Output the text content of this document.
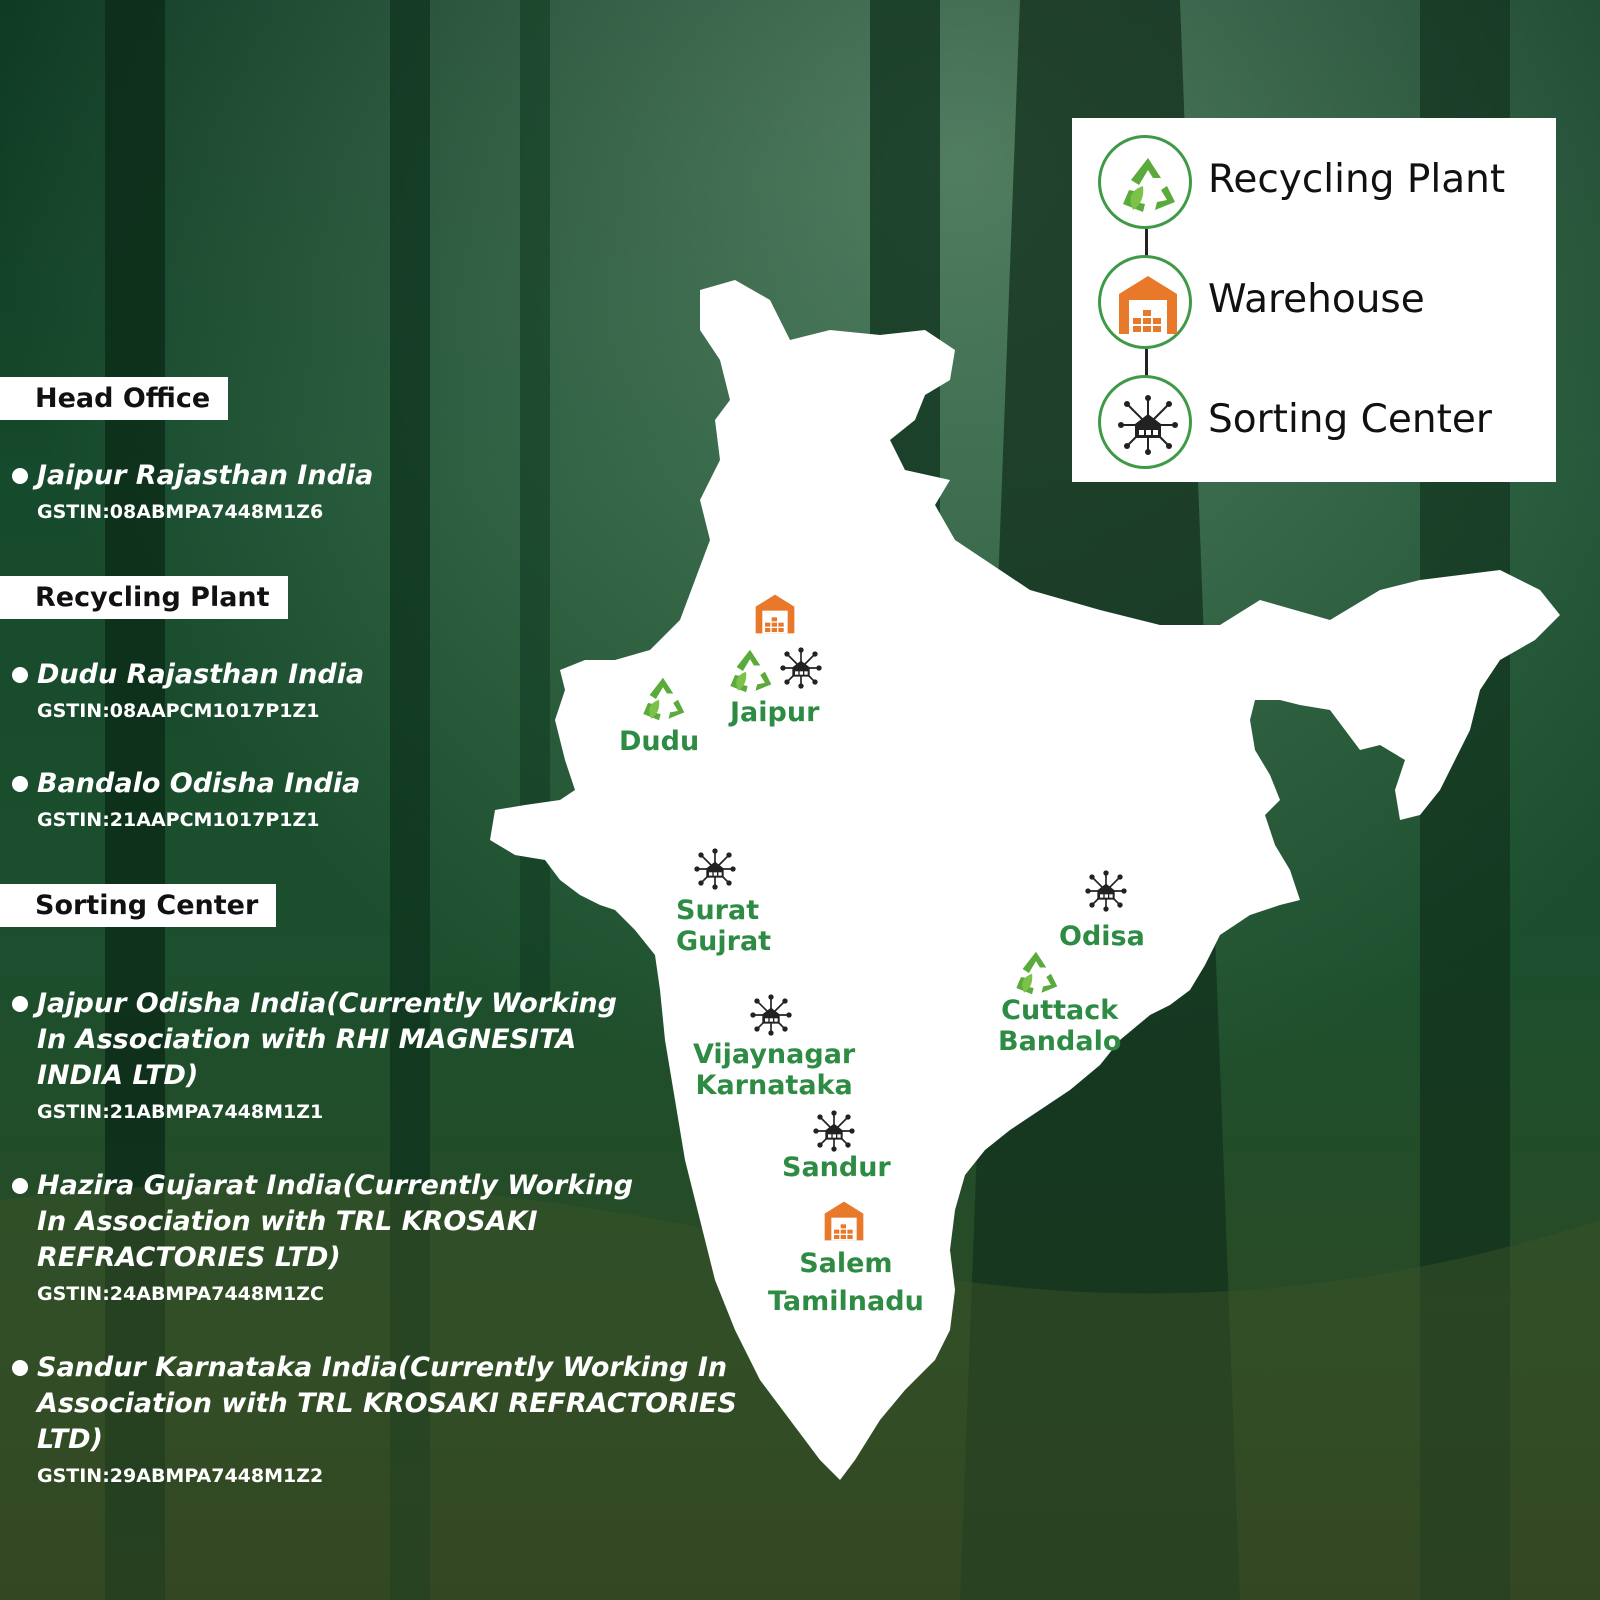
Recycling Plant
Warehouse
Sorting Center
Jaipur
Dudu
Surat
Gujrat	Odisa
Cuttack
Bandalo
Vijaynagar
Karnataka
Sandur
Salem
Tamilnadu
Head Office
Jaipur Rajasthan India
GSTIN:08ABMPA7448M1Z6
Recycling Plant
Dudu Rajasthan India
GSTIN:08AAPCM1017P1Z1
Bandalo Odisha India
GSTIN:21AAPCM1017P1Z1
Sorting Center
Jajpur Odisha India(Currently Working In Association with RHI MAGNESITA INDIA LTD)
GSTIN:21ABMPA7448M1Z1
Hazira Gujarat India(Currently Working In Association with TRL KROSAKI REFRACTORIES LTD)
GSTIN:24ABMPA7448M1ZC
Sandur Karnataka India(Currently Working In Association with TRL KROSAKI REFRACTORIES LTD)
GSTIN:29ABMPA7448M1Z2
